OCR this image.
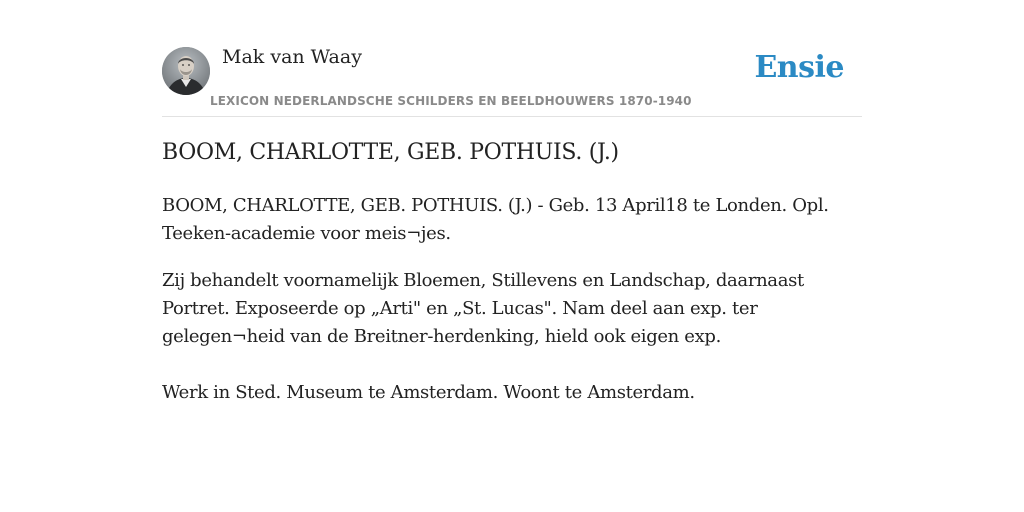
Mak van Waay
LEXICON NEDERLANDSCHE SCHILDERS EN BEELDHOUWERS 1870-1940
Ensie
BOOM, CHARLOTTE, GEB. POTHUIS. (J.)

BOOM, CHARLOTTE, GEB. POTHUIS. (J.) - Geb. 13 April18 te Londen. Opl. Teeken-academie voor meis¬jes.

Zij behandelt voornamelijk Bloemen, Stillevens en Landschap, daarnaast Portret. Exposeerde op „Arti" en „St. Lucas". Nam deel aan exp. ter gelegen¬heid van de Breitner-herdenking, hield ook eigen exp.

Werk in Sted. Museum te Amsterdam. Woont te Amsterdam.
